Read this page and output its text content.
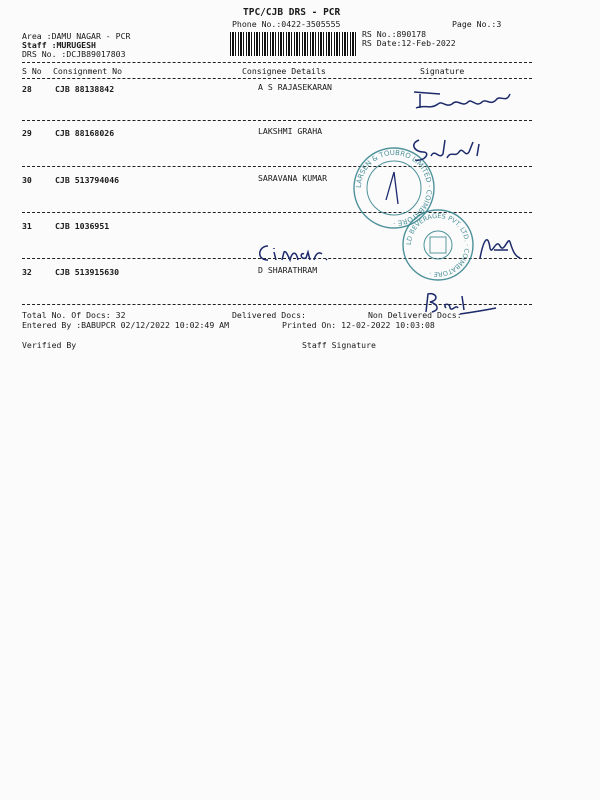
TPC/CJB DRS - PCR
Phone No.:0422-3505555	Page No.:3
Area :DAMU NAGAR - PCR
Staff :MURUGESH
DRS No. :DCJB89017803
RS No.:890178
RS Date:12-Feb-2022
S No Consignment No	Consignee Details	Signature
28	CJB 88138842	A S RAJASEKARAN
29	CJB 88168026	LAKSHMI GRAHA
30	CJB 513794046	SARAVANA KUMAR
31	CJB 1036951
32	CJB 513915630	D SHARATHRAM
Total No. Of Docs: 32	Delivered Docs:	Non Delivered Docs:
Entered By :BABUPCR 02/12/2022 10:02:49 AM	Printed On: 12-02-2022 10:03:08
Verified By	Staff Signature
LARSEN & TOUBRO LIMITED · COIMBATORE ·
LD BEVERAGES PVT. LTD. · COIMBATORE ·
